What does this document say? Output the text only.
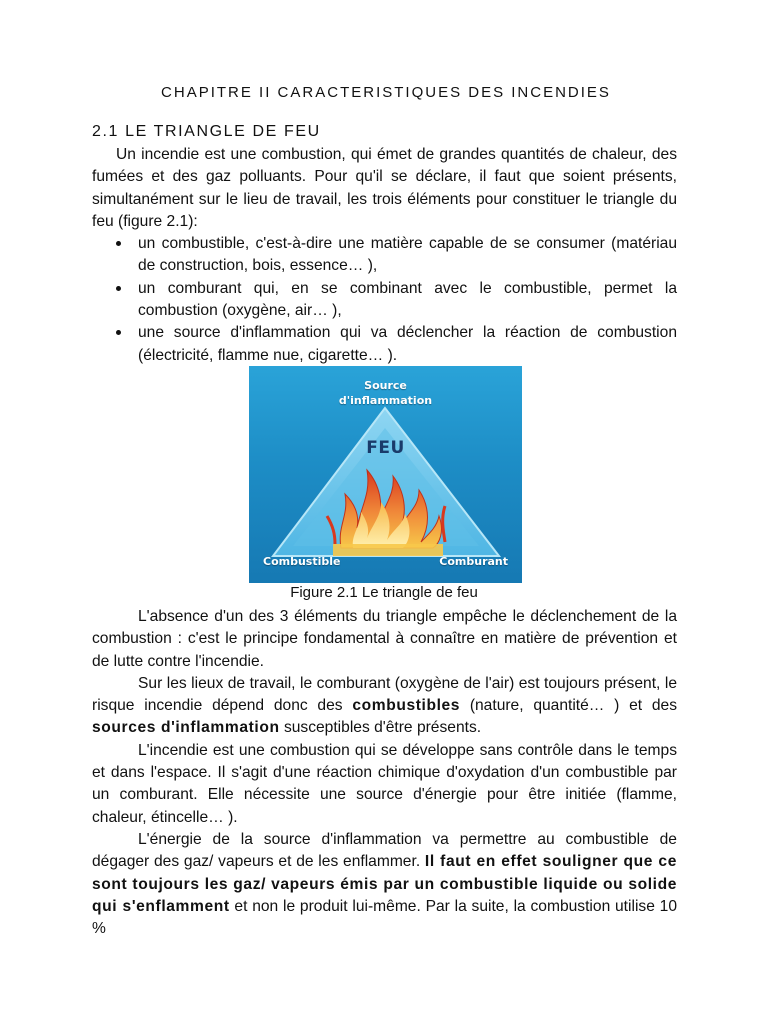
CHAPITRE II CARACTERISTIQUES DES INCENDIES
2.1 LE TRIANGLE DE FEU

Un incendie est une combustion, qui émet de grandes quantités de chaleur, des fumées et des gaz polluants. Pour qu'il se déclare, il faut que soient présents, simultanément sur le lieu de travail, les trois éléments pour constituer le triangle du feu (figure 2.1):

un combustible, c'est-à-dire une matière capable de se consumer (matériau de construction, bois, essence… ),
un comburant qui, en se combinant avec le combustible, permet la combustion (oxygène, air… ),
une source d'inflammation qui va déclencher la réaction de combustion (électricité, flamme nue, cigarette… ).
Source
d'inflammation
FEU
Combustible	Comburant
Figure 2.1 Le triangle de feu

L'absence d'un des 3 éléments du triangle empêche le déclenchement de la combustion : c'est le principe fondamental à connaître en matière de prévention et de lutte contre l'incendie.

Sur les lieux de travail, le comburant (oxygène de l'air) est toujours présent, le risque incendie dépend donc des combustibles (nature, quantité… ) et des sources d'inflammation susceptibles d'être présents.

L'incendie est une combustion qui se développe sans contrôle dans le temps et dans l'espace. Il s'agit d'une réaction chimique d'oxydation d'un combustible par un comburant. Elle nécessite une source d'énergie pour être initiée (flamme, chaleur, étincelle… ).

L'énergie de la source d'inflammation va permettre au combustible de dégager des gaz/ vapeurs et de les enflammer. Il faut en effet souligner que ce sont toujours les gaz/ vapeurs émis par un combustible liquide ou solide qui s'enflamment et non le produit lui-même. Par la suite, la combustion utilise 10 %
